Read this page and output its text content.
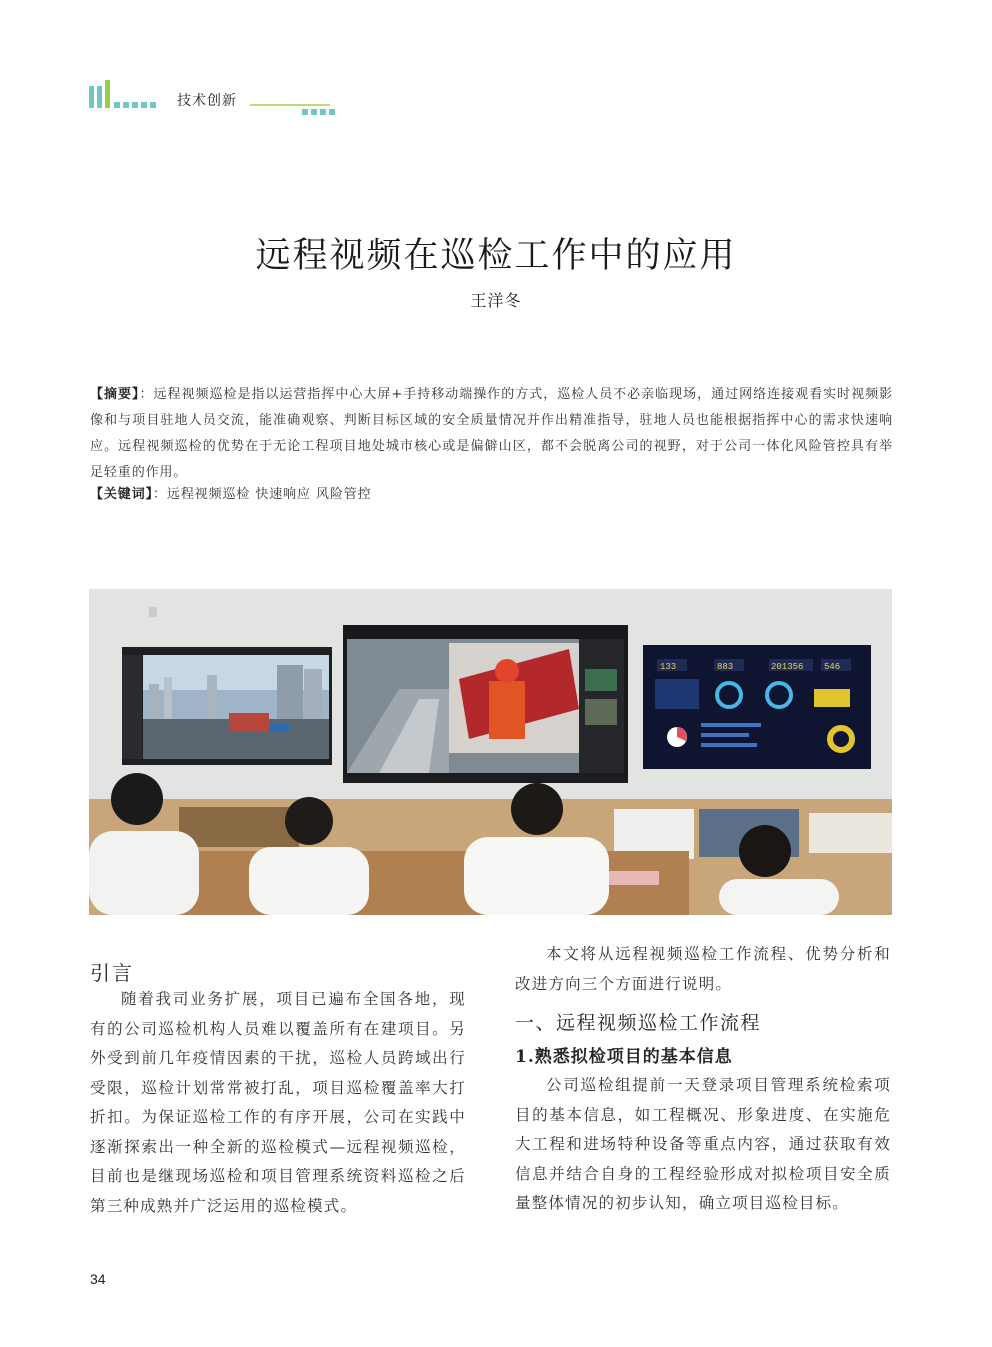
技术创新
远程视频在巡检工作中的应用
王洋冬
【摘要】：远程视频巡检是指以运营指挥中心大屏+手持移动端操作的方式，巡检人员不必亲临现场，通过网络连接观看实时视频影像和与项目驻地人员交流，能准确观察、判断目标区域的安全质量情况并作出精准指导，驻地人员也能根据指挥中心的需求快速响应。远程视频巡检的优势在于无论工程项目地处城市核心或是偏僻山区，都不会脱离公司的视野，对于公司一体化风险管控具有举足轻重的作用。
【关键词】：远程视频巡检 快速响应 风险管控
133	883	201356 546
引言
随着我司业务扩展，项目已遍布全国各地，现有的公司巡检机构人员难以覆盖所有在建项目。另外受到前几年疫情因素的干扰，巡检人员跨域出行受限，巡检计划常常被打乱，项目巡检覆盖率大打折扣。为保证巡检工作的有序开展，公司在实践中逐渐探索出一种全新的巡检模式—远程视频巡检，目前也是继现场巡检和项目管理系统资料巡检之后第三种成熟并广泛运用的巡检模式。
本文将从远程视频巡检工作流程、优势分析和改进方向三个方面进行说明。
一、远程视频巡检工作流程
1.熟悉拟检项目的基本信息
公司巡检组提前一天登录项目管理系统检索项目的基本信息，如工程概况、形象进度、在实施危大工程和进场特种设备等重点内容，通过获取有效信息并结合自身的工程经验形成对拟检项目安全质量整体情况的初步认知，确立项目巡检目标。
34
